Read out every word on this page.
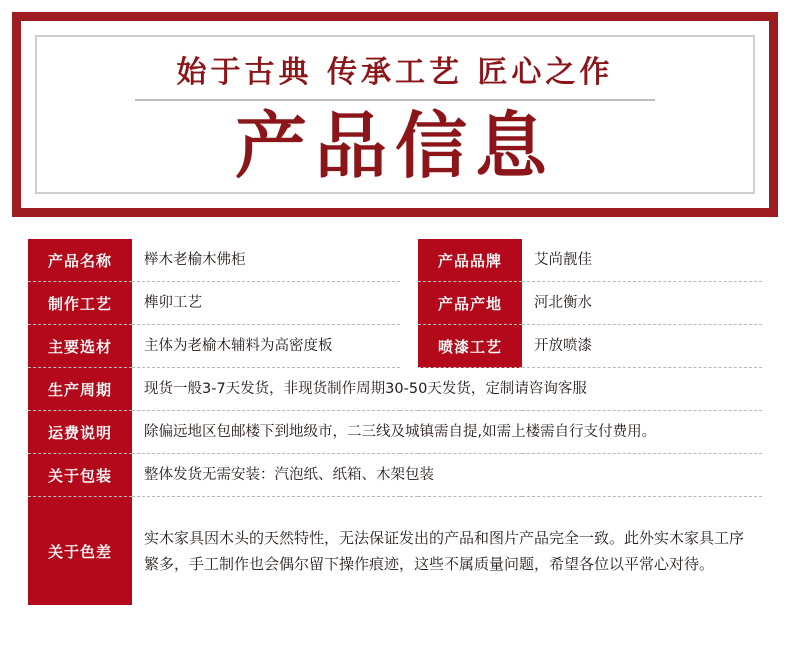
始于古典 传承工艺 匠心之作
产品信息
产品名称	榉木老榆木佛柜		产品品牌	艾尚靓佳
制作工艺	榫卯工艺		产品产地	河北衡水
主要选材	主体为老榆木辅料为高密度板		喷漆工艺	开放喷漆
生产周期	现货一般3-7天发货，非现货制作周期30-50天发货，定制请咨询客服			
运费说明	除偏远地区包邮楼下到地级市，二三线及城镇需自提,如需上楼需自行支付费用。			
关于包装	整体发货无需安装：汽泡纸、纸箱、木架包装			
关于色差	实木家具因木头的天然特性，无法保证发出的产品和图片产品完全一致。此外实木家具工序繁多，手工制作也会偶尔留下操作痕迹，这些不属质量问题，希望各位以平常心对待。			
